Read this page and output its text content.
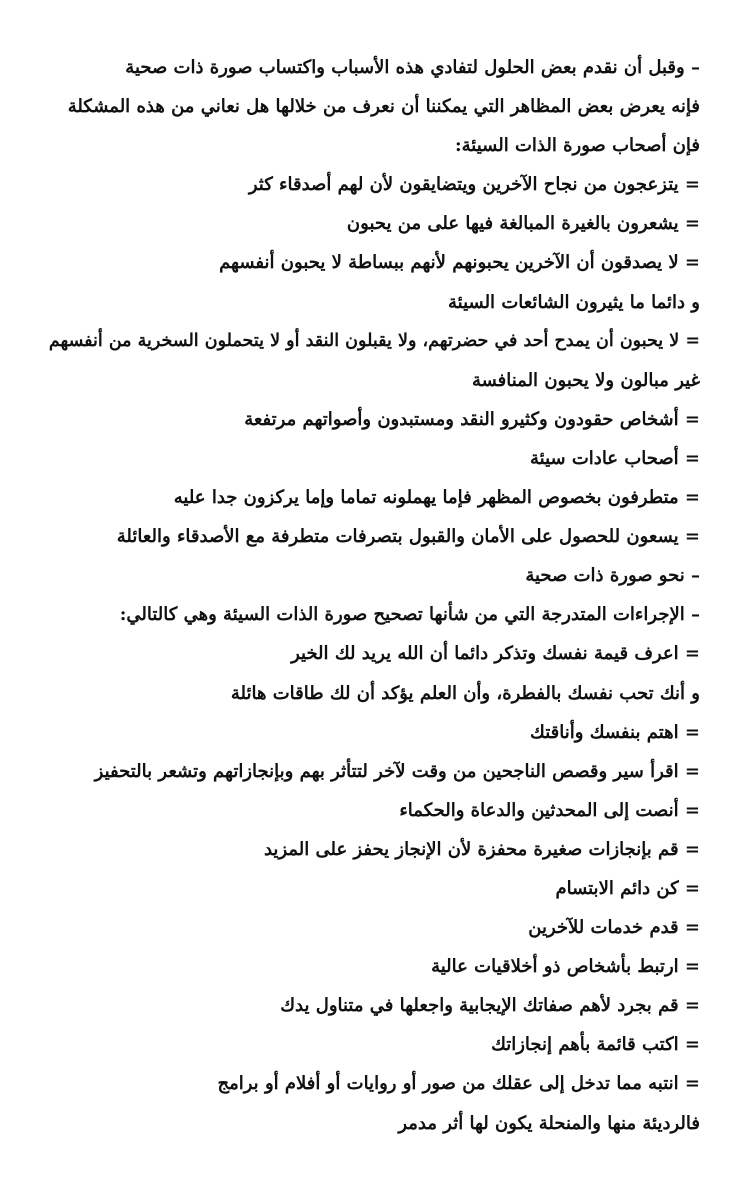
– وقبل أن نقدم بعض الحلول لتفادي هذه الأسباب واكتساب صورة ذات صحية
فإنه يعرض بعض المظاهر التي يمكننا أن نعرف من خلالها هل نعاني من هذه المشكلة
فإن أصحاب صورة الذات السيئة:
= يتزعجون من نجاح الآخرين ويتضايقون لأن لهم أصدقاء كثر
= يشعرون بالغيرة المبالغة فيها على من يحبون
= لا يصدقون أن الآخرين يحبونهم لأنهم ببساطة لا يحبون أنفسهم
و دائما ما يثيرون الشائعات السيئة
= لا يحبون أن يمدح أحد في حضرتهم، ولا يقبلون النقد أو لا يتحملون السخرية من أنفسهم
غير مبالون ولا يحبون المنافسة
= أشخاص حقودون وكثيرو النقد ومستبدون وأصواتهم مرتفعة
= أصحاب عادات سيئة
= متطرفون بخصوص المظهر فإما يهملونه تماما وإما يركزون جدا عليه
= يسعون للحصول على الأمان والقبول بتصرفات متطرفة مع الأصدقاء والعائلة
– نحو صورة ذات صحية
– الإجراءات المتدرجة التي من شأنها تصحيح صورة الذات السيئة وهي كالتالي:
= اعرف قيمة نفسك وتذكر دائما أن الله يريد لك الخير
و أنك تحب نفسك بالفطرة، وأن العلم يؤكد أن لك طاقات هائلة
= اهتم بنفسك وأناقتك
= اقرأ سير وقصص الناجحين من وقت لآخر لتتأثر بهم وبإنجازاتهم وتشعر بالتحفيز
= أنصت إلى المحدثين والدعاة والحكماء
= قم بإنجازات صغيرة محفزة لأن الإنجاز يحفز على المزيد
= كن دائم الابتسام
= قدم خدمات للآخرين
= ارتبط بأشخاص ذو أخلاقيات عالية
= قم بجرد لأهم صفاتك الإيجابية واجعلها في متناول يدك
= اكتب قائمة بأهم إنجازاتك
= انتبه مما تدخل إلى عقلك من صور أو روايات أو أفلام أو برامج
فالرديئة منها والمنحلة يكون لها أثر مدمر
